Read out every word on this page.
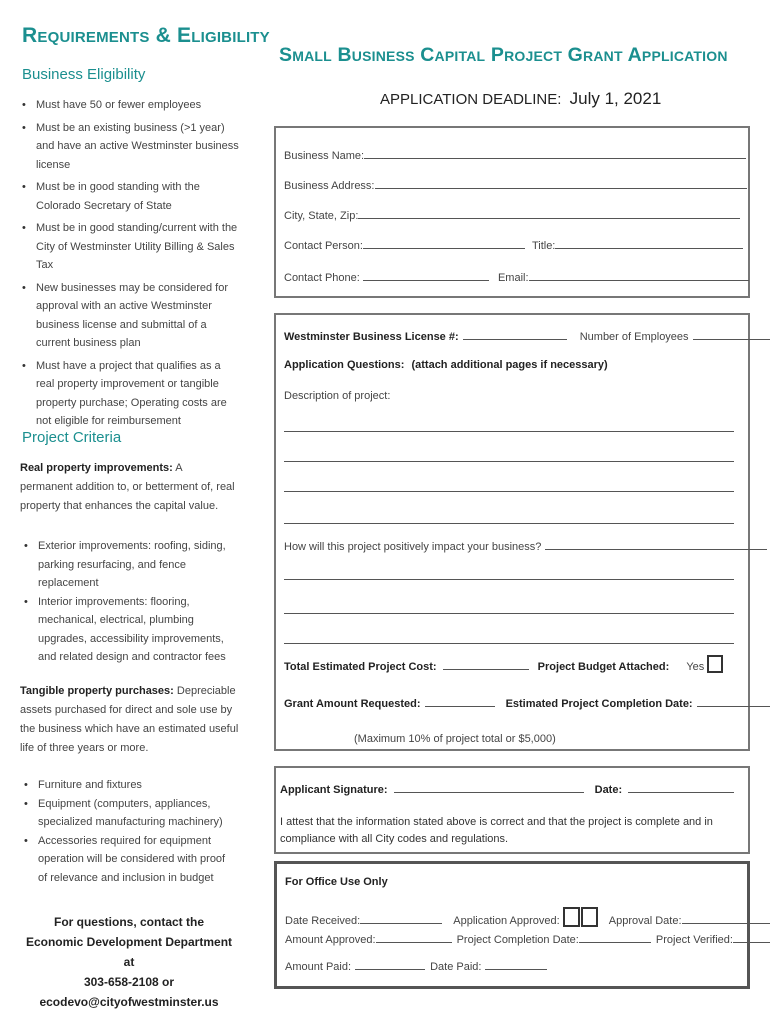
Requirements & Eligibility
Business Eligibility
• Must have 50 or fewer employees
• Must be an existing business (>1 year) and have an active Westminster business license
• Must be in good standing with the Colorado Secretary of State
• Must be in good standing/current with the City of Westminster Utility Billing & Sales Tax
• New businesses may be considered for approval with an active Westminster business license and submittal of a current business plan
• Must have a project that qualifies as a real property improvement or tangible property purchase; Operating costs are not eligible for reimbursement
Project Criteria
Real property improvements: A permanent addition to, or betterment of, real property that enhances the capital value.
• Exterior improvements: roofing, siding, parking resurfacing, and fence replacement
• Interior improvements: flooring, mechanical, electrical, plumbing upgrades, accessibility improvements, and related design and contractor fees
Tangible property purchases: Depreciable assets purchased for direct and sole use by the business which have an estimated useful life of three years or more.
• Furniture and fixtures
• Equipment (computers, appliances, specialized manufacturing machinery)
• Accessories required for equipment operation will be considered with proof of relevance and inclusion in budget
For questions, contact the
Economic Development Department at
303-658-2108 or
ecodevo@cityofwestminster.us
Small Business Capital Project Grant Application
APPLICATION DEADLINE: July 1, 2021
Business Name:
Business Address:
City, State, Zip:
Contact Person:	Title:
Contact Phone:	Email:
Westminster Business License #:	Number of Employees
Application Questions: (attach additional pages if necessary)
Description of project:
How will this project positively impact your business?
Total Estimated Project Cost:	Project Budget Attached: Yes
Grant Amount Requested:	Estimated Project Completion Date:
(Maximum 10% of project total or $5,000)
Applicant Signature:	Date:
I attest that the information stated above is correct and that the project is complete and in compliance with all City codes and regulations.
For Office Use Only
Date Received:	Application Approved:	Approval Date:
Amount Approved:	Project Completion Date:	Project Verified:
Amount Paid:	Date Paid:
